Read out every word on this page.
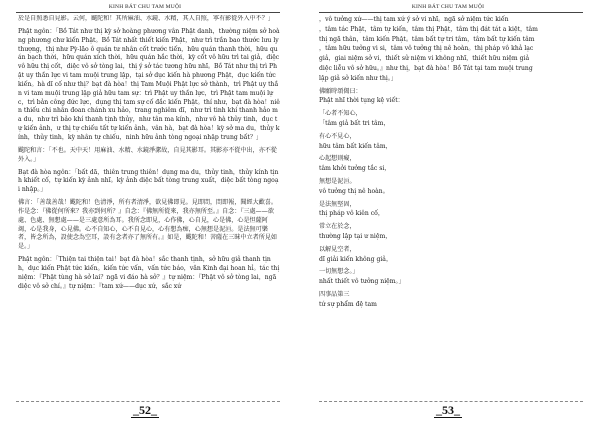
KINH BÁT CHU TAM MUỘI

於是自照悉自見影。云何，颰陀和！其所麻油、水鏡、水精，其人自照，寧有影從外入中不？」

Phật ngôn：「Bồ Tát như thị kỳ sở hoàng phương vân Phật danh，thường niệm sở hoàng phương chư kiến Phật。Bồ Tát nhất thiết kiến Phật，như trì trần bao thước lưu ly thượng，thị như Pỳ-lão ô quán tư nhân cốt trước tiến，hữu quán thanh thời，hữu quán bạch thời，hữu quán xích thời，hữu quán hắc thời，kỳ cốt vô hữu trì tai giả，diệc vô hữu thị cốt，diệc vô sở tòng lai，thị ý sở tác tương hữu nhĩ。Bồ Tát như thị trì Phật uy thần lực vi tam muội trung lập，tại sở dục kiến hà phương Phật，dục kiến tức kiến。hà dĩ cố như thị？bạt đà hòa！thị Tam Muội Phật lực sở thành，trì Phật uy thần vi tam muội trung lập giả hữu tam sự：trì Phật uy thần lực，trì Phật tam muội lực，trì bản công đức lực，dụng thị tam sự cố đắc kiến Phật。thí như，bạt đà hòa！niên thiếu chi nhân đoan chánh xu hảo，trang nghiêm dĩ，như trì tinh khí thanh hảo ma du，như trì bảo khí thanh tịnh thủy，như tân ma kính，như vô hà thủy tinh，dục tự kiến ảnh，ư thị tự chiếu tất tự kiến ảnh。vân hà，bạt đà hòa！kỳ sở ma du，thủy kính，thủy tinh，kỳ nhân tự chiếu，ninh hữu ảnh tòng ngoại nhập trung bất？」

颰陀和言：「不也。天中天！用麻油、水精、水鏡淨潔故，自見其影耳。其影亦不從中出，亦不從外入。」

Bạt đà hòa ngôn：「bất dã，thiên trung thiên！dụng ma du，thủy tinh，thủy kính tịnh khiết cố，tự kiến kỳ ảnh nhĩ。kỳ ảnh diệc bất tòng trung xuất，diệc bất tòng ngoại nhập。」

佛言：「善哉善哉！颰陀和！色清淨，所有者清淨，欲見佛即見。見即問，問即報，聞經大歡喜。作是念：『佛從何所來？我亦到何所？』自念：『佛無所從來，我亦無所至。』自念：『三處——欲處、色處、無想處——是三處意所為耳。我所念即見，心作佛，心自見，心是佛，心是怛薩阿竭，心是我身，心見佛。心不自知心，心不自見心，心有想為痴，心無想是泥洹。是法無可樂者，皆念所為，設使念為空耳，設有念者亦了無所有。』如是，颰陀和！菩薩在三昧中立者所見如是。」

Phật ngôn：「Thiện tai thiện tai！bạt đà hòa！sắc thanh tịnh，sở hữu giả thanh tịnh，dục kiến Phật tức kiến。kiến tức vấn，vấn tức báo，văn Kinh đại hoan hỉ。tác thị niệm：『Phật tùng hà sở lai？ngã vi đáo hà sở？』tự niệm：『Phật vô sở tòng lai，ngã diệc vô sở chí。』tự niệm：『tam xứ——dục xứ，sắc xứ

_52_
KINH BÁT CHU TAM MUỘI
，vô tưởng xứ——thị tam xứ ý sở vi nhĩ。ngã sở niệm tức kiến
，tâm tác Phật，tâm tự kiến，tâm thị Phật，tâm thị đát tát a kiệt，tâm
thị ngã thân，tâm kiến Phật。tâm bất tự tri tâm，tâm bất tự kiến tâm
，tâm hữu tưởng vi si，tâm vô tưởng thị nê hoàn。thị pháp vô khả lạc
giả，giai niệm sở vi，thiết sử niệm vi không nhĩ，thiết hữu niệm giả
diệc liễu vô sở hữu。』như thị，bạt đà hòa！Bồ Tát tại tam muội trung
lập giả sở kiến như thị。」
佛願時頌偈曰：
Phật nhĩ thời tụng kệ viết：
「心者不知心，
「tâm giả bất tri tâm，
有心不見心，
hữu tâm bất kiến tâm，
心起想則癡，
tâm khởi tưởng tắc si，
無想是泥洹。
vô tưởng thị nê hoàn。
是法無堅固，
thị pháp vô kiên cố，
常立在於念，
thường lập tại ư niệm，
以解見空者，
dĩ giải kiến không giả，
一切無想念。」
nhất thiết vô tưởng niệm。」
四事品第三
tứ sự phẩm đệ tam
_53_
